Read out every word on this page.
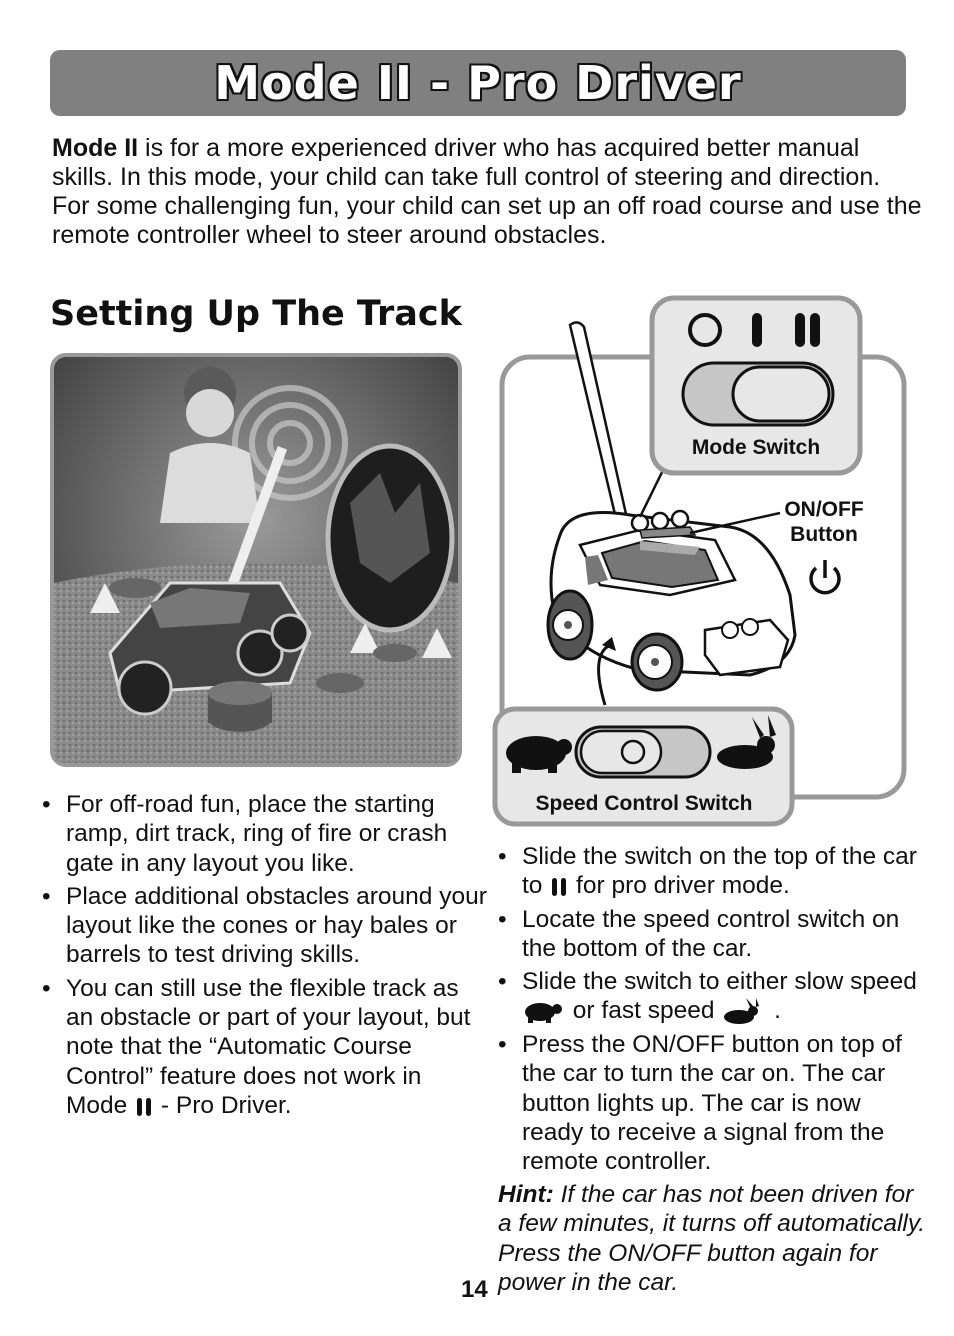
Mode II - Pro Driver

Mode II is for a more experienced driver who has acquired better manual skills. In this mode, your child can take full control of steering and direction. For some challenging fun, your child can set up an off road course and use the remote controller wheel to steer around obstacles.

Setting Up The Track
• For off-road fun, place the starting ramp, dirt track, ring of fire or crash gate in any layout you like.
• Place additional obstacles around your layout like the cones or hay bales or barrels to test driving skills.
• You can still use the flexible track as an obstacle or part of your layout, but note that the “Automatic Course Control” feature does not work in Mode  - Pro Driver.
Mode Switch
ON/OFF
Button
Speed Control Switch
• Slide the switch on the top of the car to  for pro driver mode.
• Locate the speed control switch on the bottom of the car.
• Slide the switch to either slow speed  or fast speed  .
• Press the ON/OFF button on top of the car to turn the car on. The car button lights up. The car is now ready to receive a signal from the remote controller.

Hint: If the car has not been driven for a few minutes, it turns off automatically. Press the ON/OFF button again for power in the car.

14
